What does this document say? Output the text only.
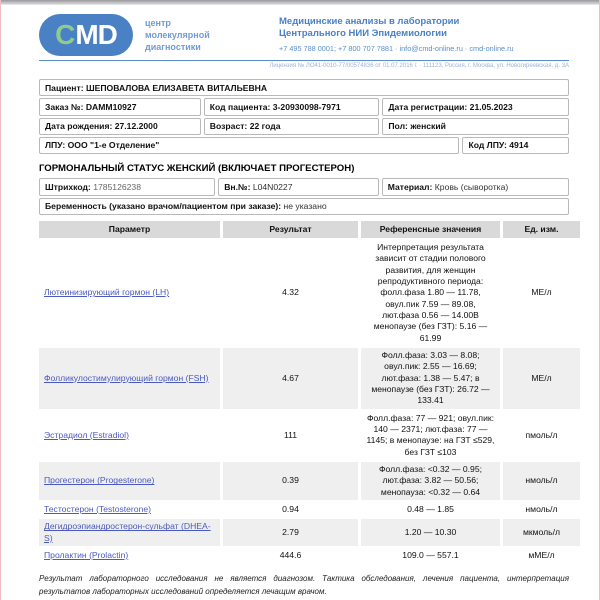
C MD	центр
молекулярной
диагностики
Медицинские анализы в лаборатории
Центрального НИИ Эпидемиологии
+7 495 788 0001; +7 800 707 7881 · info@cmd-online.ru · cmd-online.ru
Лицензия № ЛО41-0010-77/00574836 от 01.07.2016 г. · 111123, Россия, г. Москва, ул. Новогиреевская, д. 3А
Пациент: ШЕПОВАЛОВА ЕЛИЗАВЕТА ВИТАЛЬЕВНА
Заказ №: DAMM10927	Код пациента: 3-20930098-7971	Дата регистрации: 21.05.2023
Дата рождения: 27.12.2000	Возраст: 22 года	Пол: женский
ЛПУ: ООО "1-е Отделение"	Код ЛПУ: 4914
ГОРМОНАЛЬНЫЙ СТАТУС ЖЕНСКИЙ (ВКЛЮЧАЕТ ПРОГЕСТЕРОН)
Штрихкод: 1785126238	Вн.№: L04N0227	Материал: Кровь (сыворотка)
Беременность (указано врачом/пациентом при заказе): не указано
Параметр	Результат	Референсные значения	Ед. изм.
Лютеинизирующий гормон (LH)	4.32	Интерпретация результата зависит от стадии полового развития, для женщин репродуктивного периода: фолл.фаза 1.80 — 11.78, овул.пик 7.59 — 89.08, лют.фаза 0.56 — 14.00В менопаузе (без ГЗТ): 5.16 — 61.99	МЕ/л
Фолликулостимулирующий гормон (FSH)	4.67	Фолл.фаза: 3.03 — 8.08; овул.пик: 2.55 — 16.69; лют.фаза: 1.38 — 5.47; в менопаузе (без ГЗТ): 26.72 — 133.41	МЕ/л
Эстрадиол (Estradiol)	111	Фолл.фаза: 77 — 921; овул.пик: 140 — 2371; лют.фаза: 77 — 1145; в менопаузе: на ГЗТ ≤529, без ГЗТ ≤103	пмоль/л
Прогестерон (Progesterone)	0.39	Фолл.фаза: <0.32 — 0.95; лют.фаза: 3.82 — 50.56; менопауза: <0.32 — 0.64	нмоль/л
Тестостерон (Testosterone)	0.94	0.48 — 1.85	нмоль/л
Дегидроэпиандростерон-сульфат (DHEA-S)	2.79	1.20 — 10.30	мкмоль/л
Пролактин (Prolactin)	444.6	109.0 — 557.1	мМЕ/л
Результат лабораторного исследования не является диагнозом. Тактика обследования, лечения пациента, интерпретация результатов лабораторных исследований определяется лечащим врачом.
